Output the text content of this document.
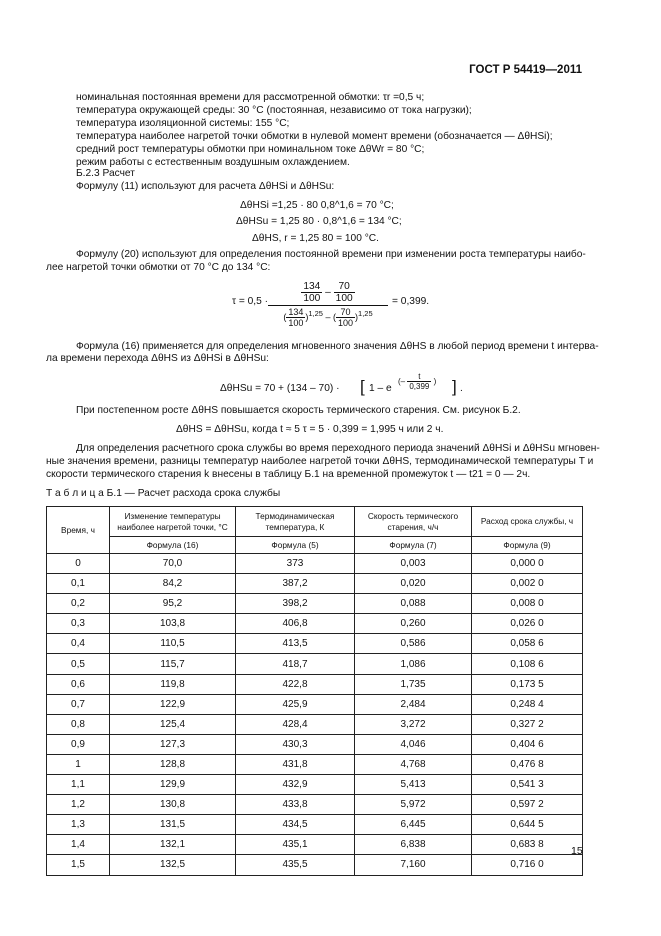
ГОСТ Р 54419—2011
номинальная постоянная времени для рассмотренной обмотки: τr =0,5 ч;
температура окружающей среды: 30 °С (постоянная, независимо от тока нагрузки);
температура изоляционной системы: 155 °С;
температура наиболее нагретой точки обмотки в нулевой момент времени (обозначается — ΔθHSi);
средний рост температуры обмотки при номинальном токе ΔθWr = 80 °С;
режим работы с естественным воздушным охлаждением.
Б.2.3 Расчет
Формулу (11) используют для расчета ΔθHSi и ΔθHSu:
ΔθHSi =1,25 · 80 0,8^1,6 = 70 °С;
ΔθHSu = 1,25 80 · 0,8^1,6 = 134 °С;
ΔθHS, r = 1,25 80 = 100 °С.
Формулу (20) используют для определения постоянной времени при изменении роста температуры наибо-
лее нагретой точки обмотки от 70 °С до 134 °С:
τ = 0,5 ·	$\frac{134}{100} - \frac{70}{100}$
( $\frac{134}{100} )^{1,25}$ – ( $\frac{70}{100} )^{1,25}$
= 0,399.
Формула (16) применяется для определения мгновенного значения ΔθHS в любой период времени t интерва-
ла времени перехода ΔθHS из ΔθHSi в ΔθHSu:
ΔθHSu = 70 + (134 – 70) · [ 1 – e
(– $\frac{t}{0,399}$ ) ] .
При постепенном росте ΔθHS повышается скорость термического старения. См. рисунок Б.2.
ΔθHS = ΔθHSu, когда t ≈ 5 τ = 5 · 0,399 = 1,995 ч или 2 ч.
Для определения расчетного срока службы во время переходного периода значений ΔθHSi и ΔθHSu мгновен-
ные значения времени, разницы температур наиболее нагретой точки ΔθHS, термодинамической температуры T и
скорости термического старения k внесены в таблицу Б.1 на временной промежуток t — t21 = 0 — 2ч.
Т а б л и ц а Б.1 — Расчет расхода срока службы
Время, ч	Изменение температуры наиболее нагретой точки, °С	Термодинамическая температура, К	Скорость термического старения, ч/ч	Расход срока службы, ч
	Формула (16)	Формула (5)	Формула (7)	Формула (9)
0	70,0	373	0,003	0,000 0
0,1	84,2	387,2	0,020	0,002 0
0,2	95,2	398,2	0,088	0,008 0
0,3	103,8	406,8	0,260	0,026 0
0,4	110,5	413,5	0,586	0,058 6
0,5	115,7	418,7	1,086	0,108 6
0,6	119,8	422,8	1,735	0,173 5
0,7	122,9	425,9	2,484	0,248 4
0,8	125,4	428,4	3,272	0,327 2
0,9	127,3	430,3	4,046	0,404 6
1	128,8	431,8	4,768	0,476 8
1,1	129,9	432,9	5,413	0,541 3
1,2	130,8	433,8	5,972	0,597 2
1,3	131,5	434,5	6,445	0,644 5
1,4	132,1	435,1	6,838	0,683 8
1,5	132,5	435,5	7,160	0,716 0
15
